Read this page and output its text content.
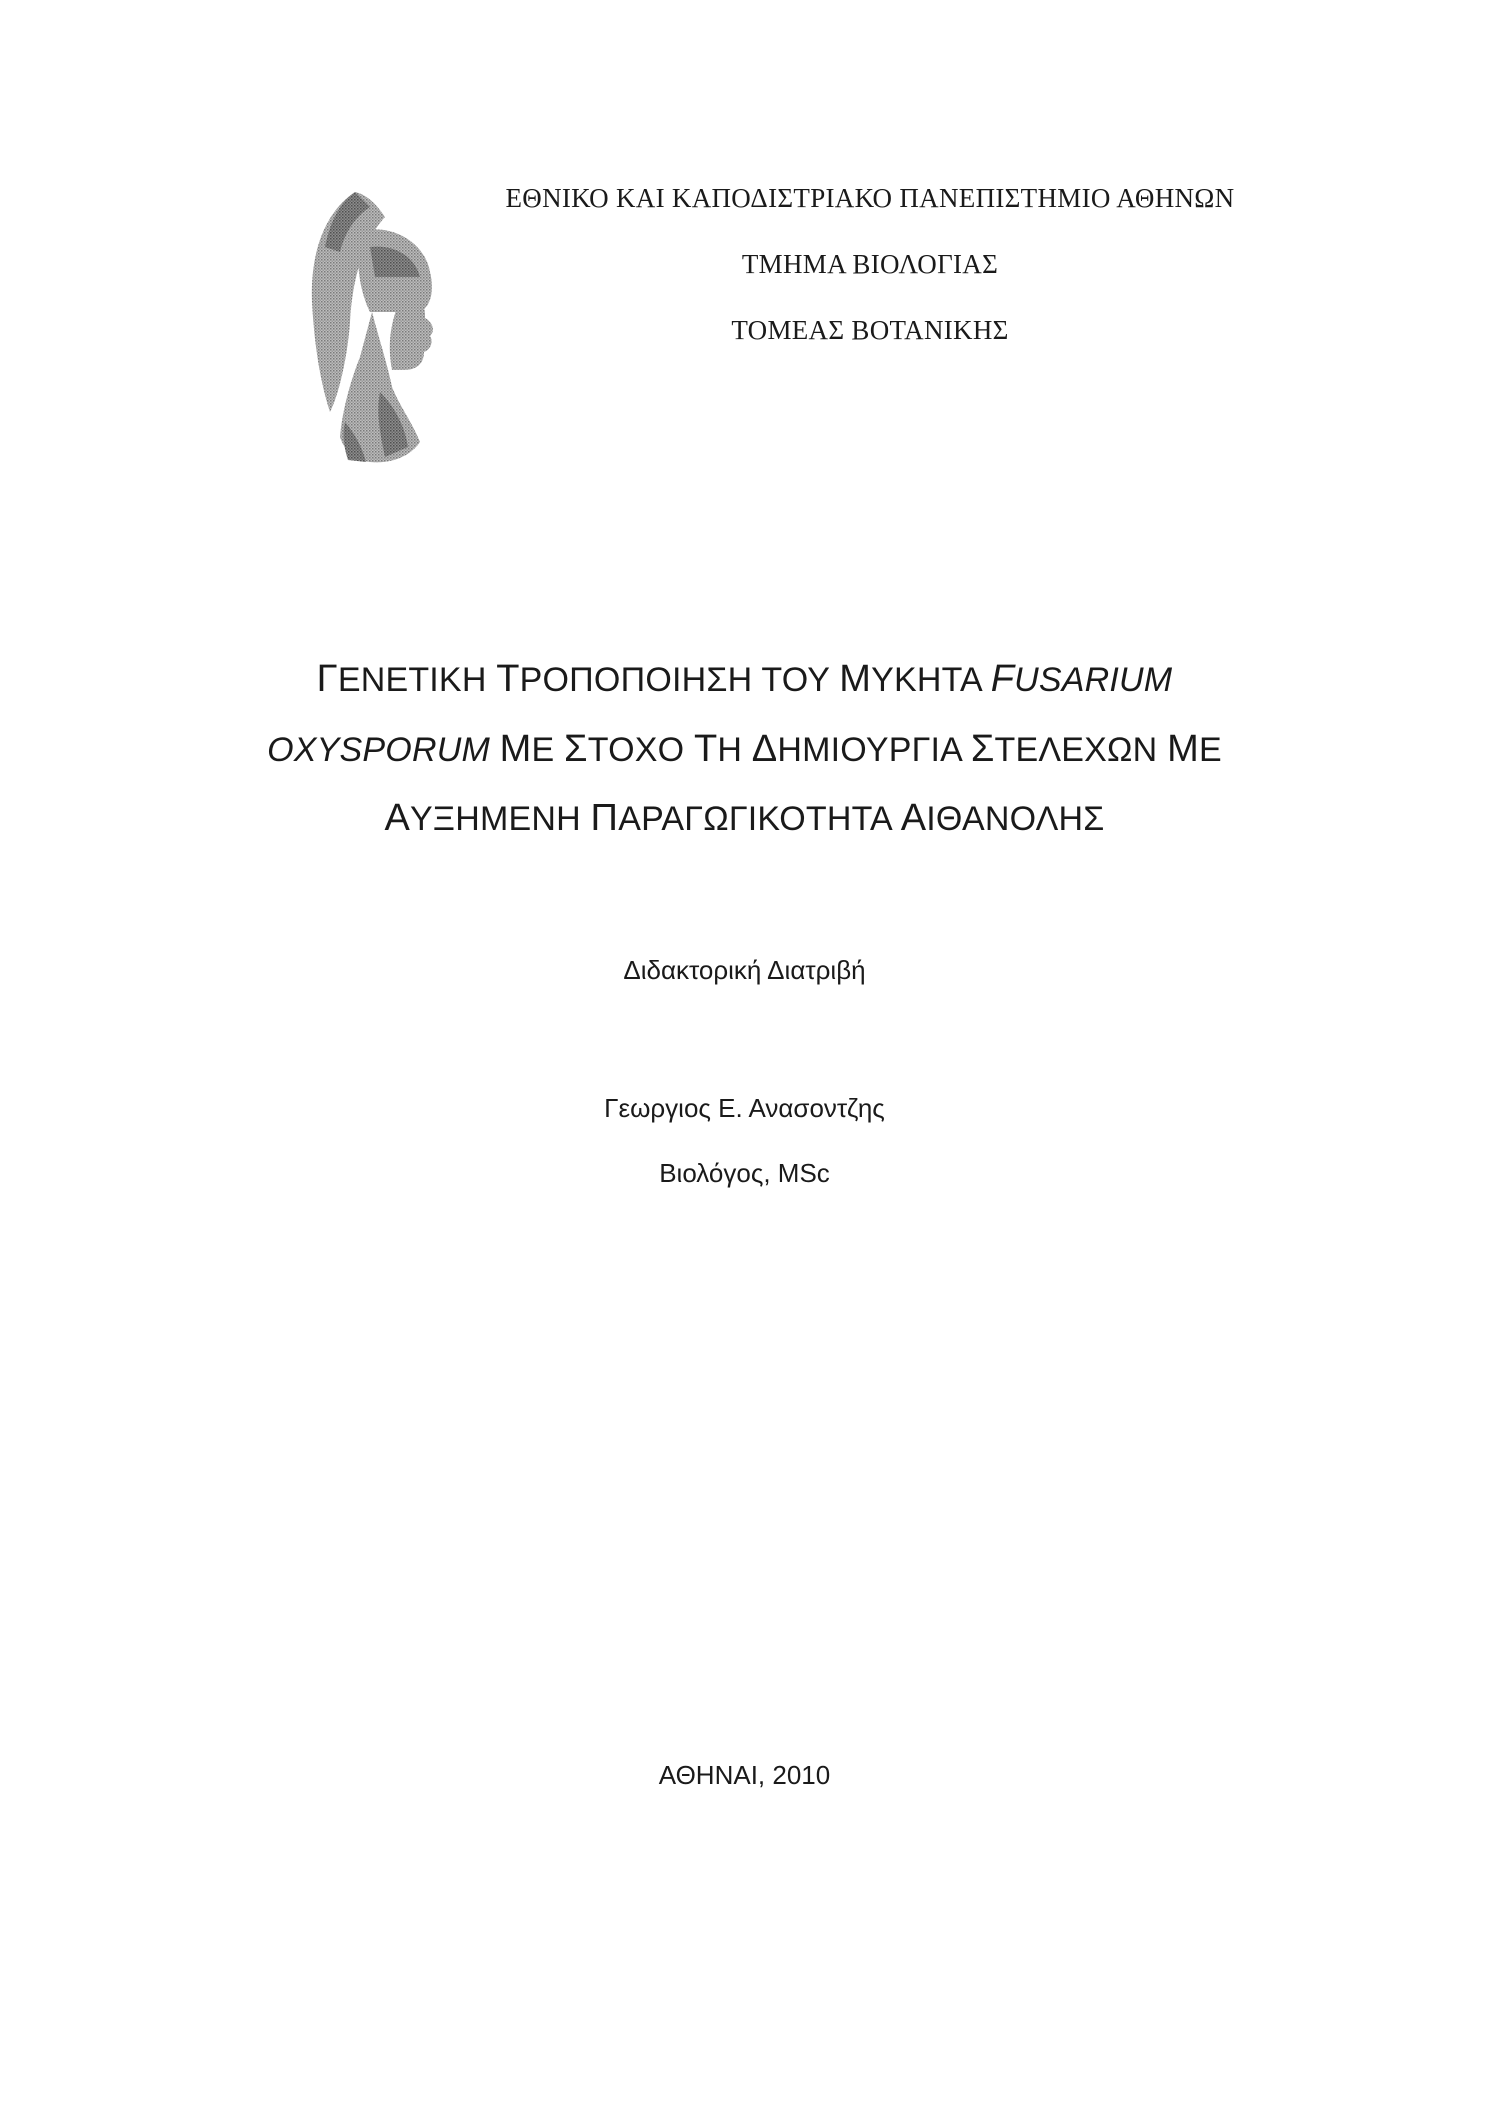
ΕΘΝΙΚΟ ΚΑΙ ΚΑΠΟΔΙΣΤΡΙΑΚΟ ΠΑΝΕΠΙΣΤΗΜΙΟ ΑΘΗΝΩΝ
ΤΜΗΜΑ ΒΙΟΛΟΓΙΑΣ
ΤΟΜΕΑΣ ΒΟΤΑΝΙΚΗΣ
ΓΕΝΕΤΙΚΗ ΤΡΟΠΟΠΟΙΗΣΗ ΤΟΥ ΜΥΚΗΤΑ FUSARIUM
OXYSPORUM ΜΕ ΣΤΟΧΟ ΤΗ ΔΗΜΙΟΥΡΓΙΑ ΣΤΕΛΕΧΩΝ ΜΕ
ΑΥΞΗΜΕΝΗ ΠΑΡΑΓΩΓΙΚΟΤΗΤΑ ΑΙΘΑΝΟΛΗΣ
Διδακτορική Διατριβή
Γεωργιος Ε. Ανασοντζης
Βιολόγος, MSc
ΑΘΗΝΑΙ, 2010
